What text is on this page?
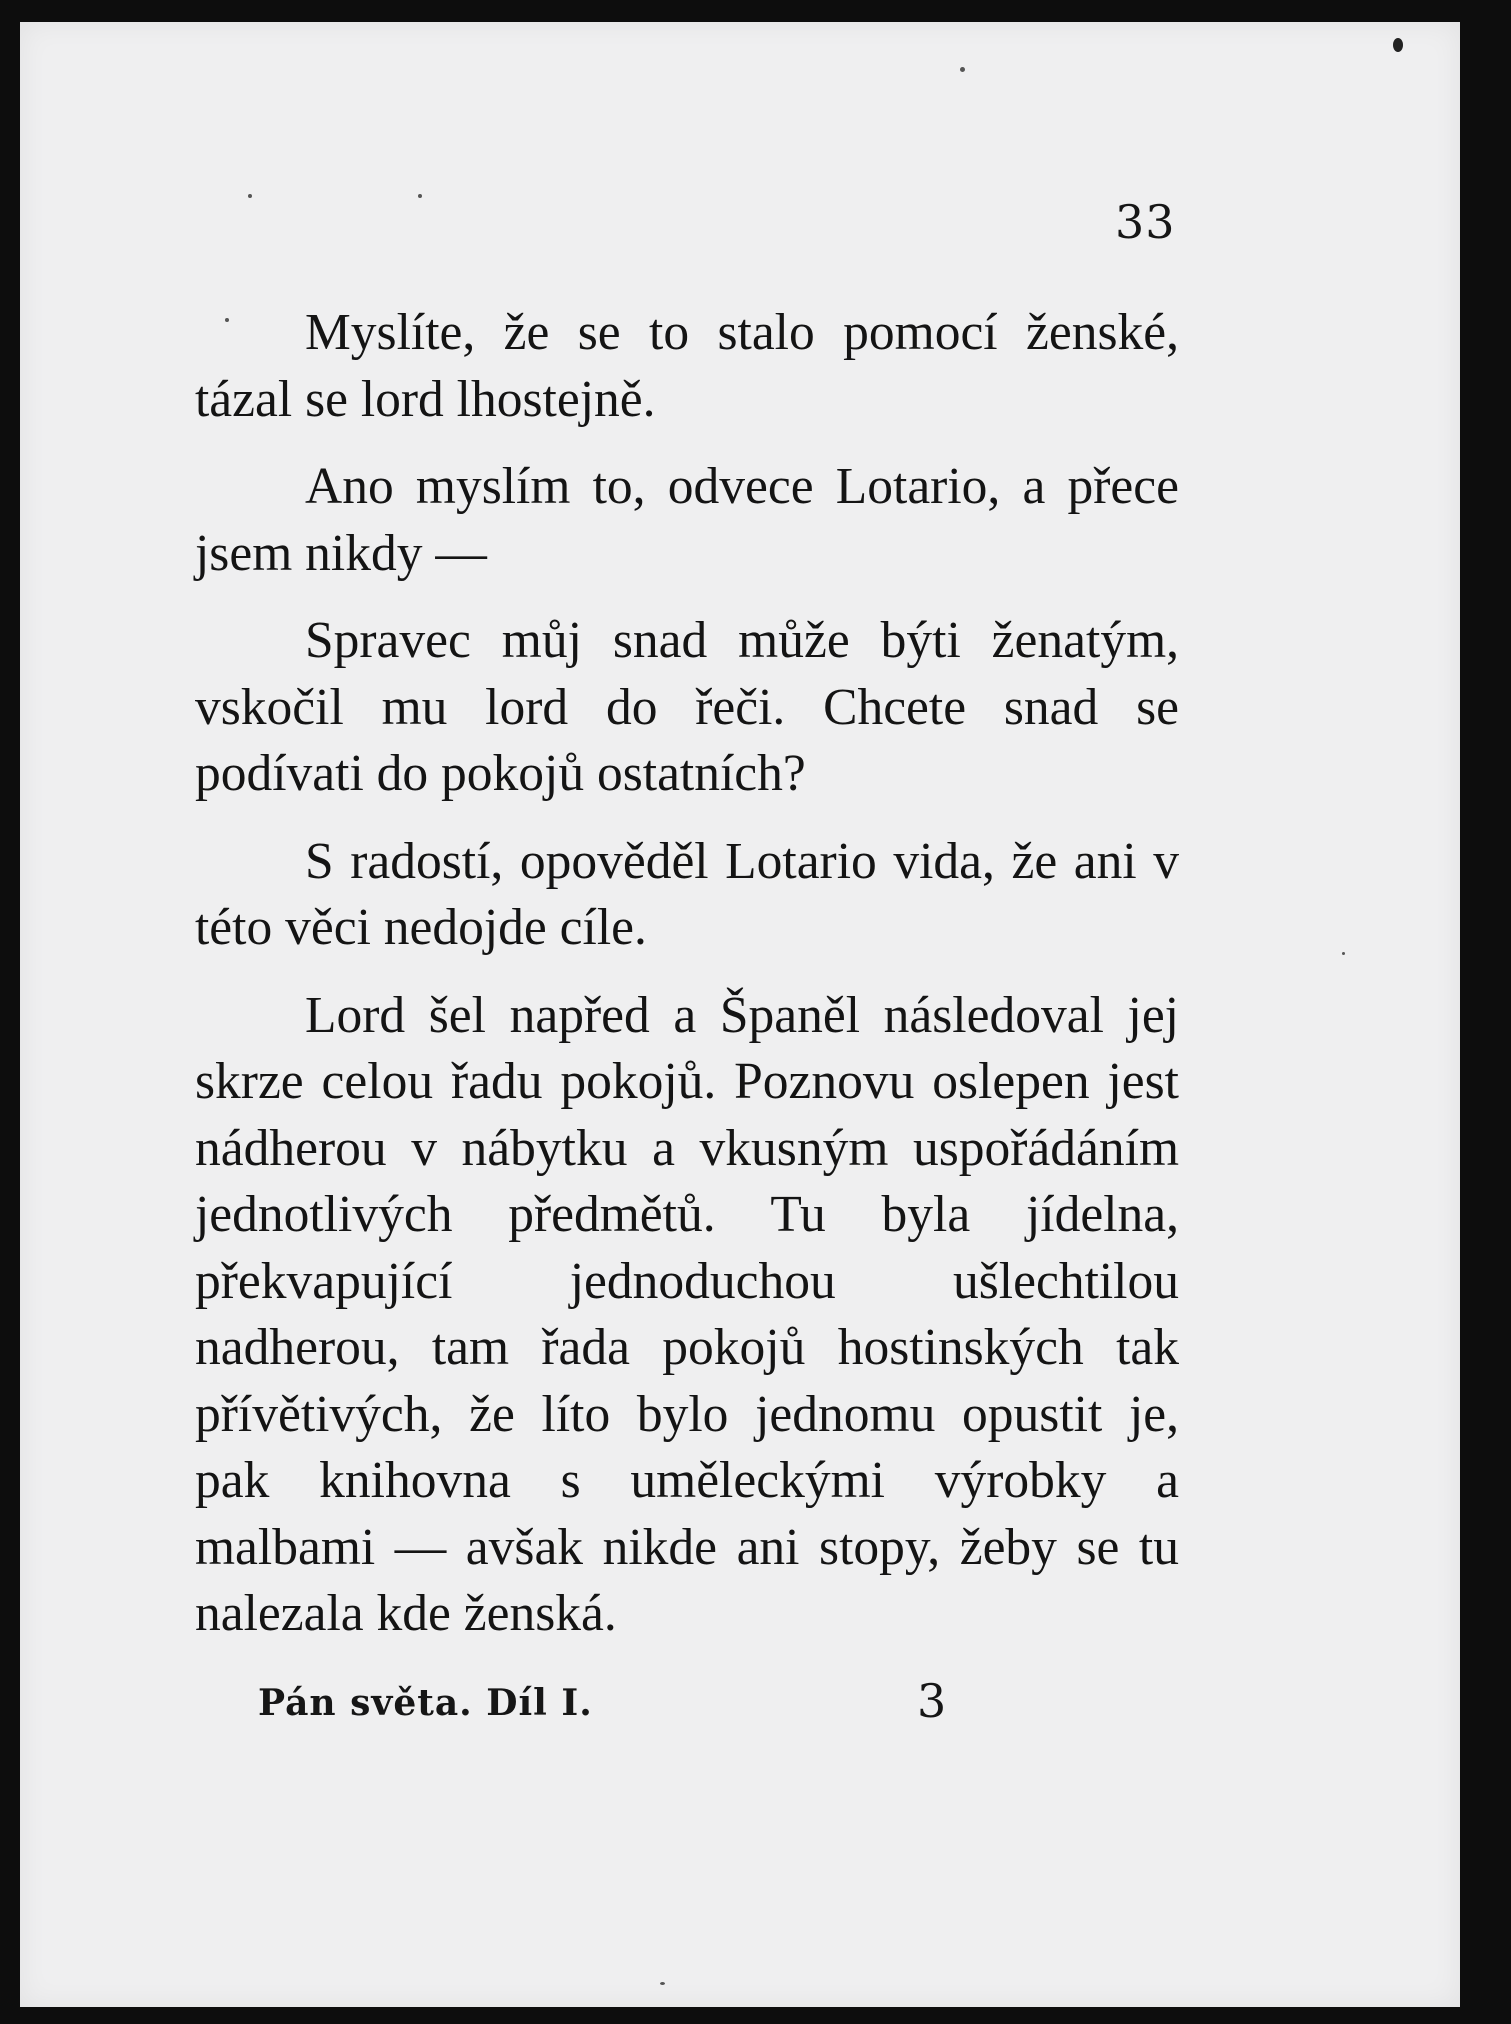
33

Myslíte, že se to stalo pomocí ženské, tázal se lord lhostejně.

Ano myslím to, odvece Lotario, a přece jsem nikdy —

Spravec můj snad může býti ženatým, vskočil mu lord do řeči. Chcete snad se podívati do pokojů ostatních?

S radostí, opověděl Lotario vida, že ani v této věci nedojde cíle.

Lord šel napřed a Španěl následoval jej skrze celou řadu pokojů. Poznovu oslepen jest nádherou v nábytku a vkusným uspořádáním jednotlivých předmětů. Tu byla jídelna, překvapující jednoduchou ušlechtilou nadherou, tam řada pokojů hostinských tak přívětivých, že líto bylo jednomu opustit je, pak knihovna s uměleckými výrobky a malbami — avšak nikde ani stopy, žeby se tu nalezala kde ženská.

Pán světa. Díl I.	3
